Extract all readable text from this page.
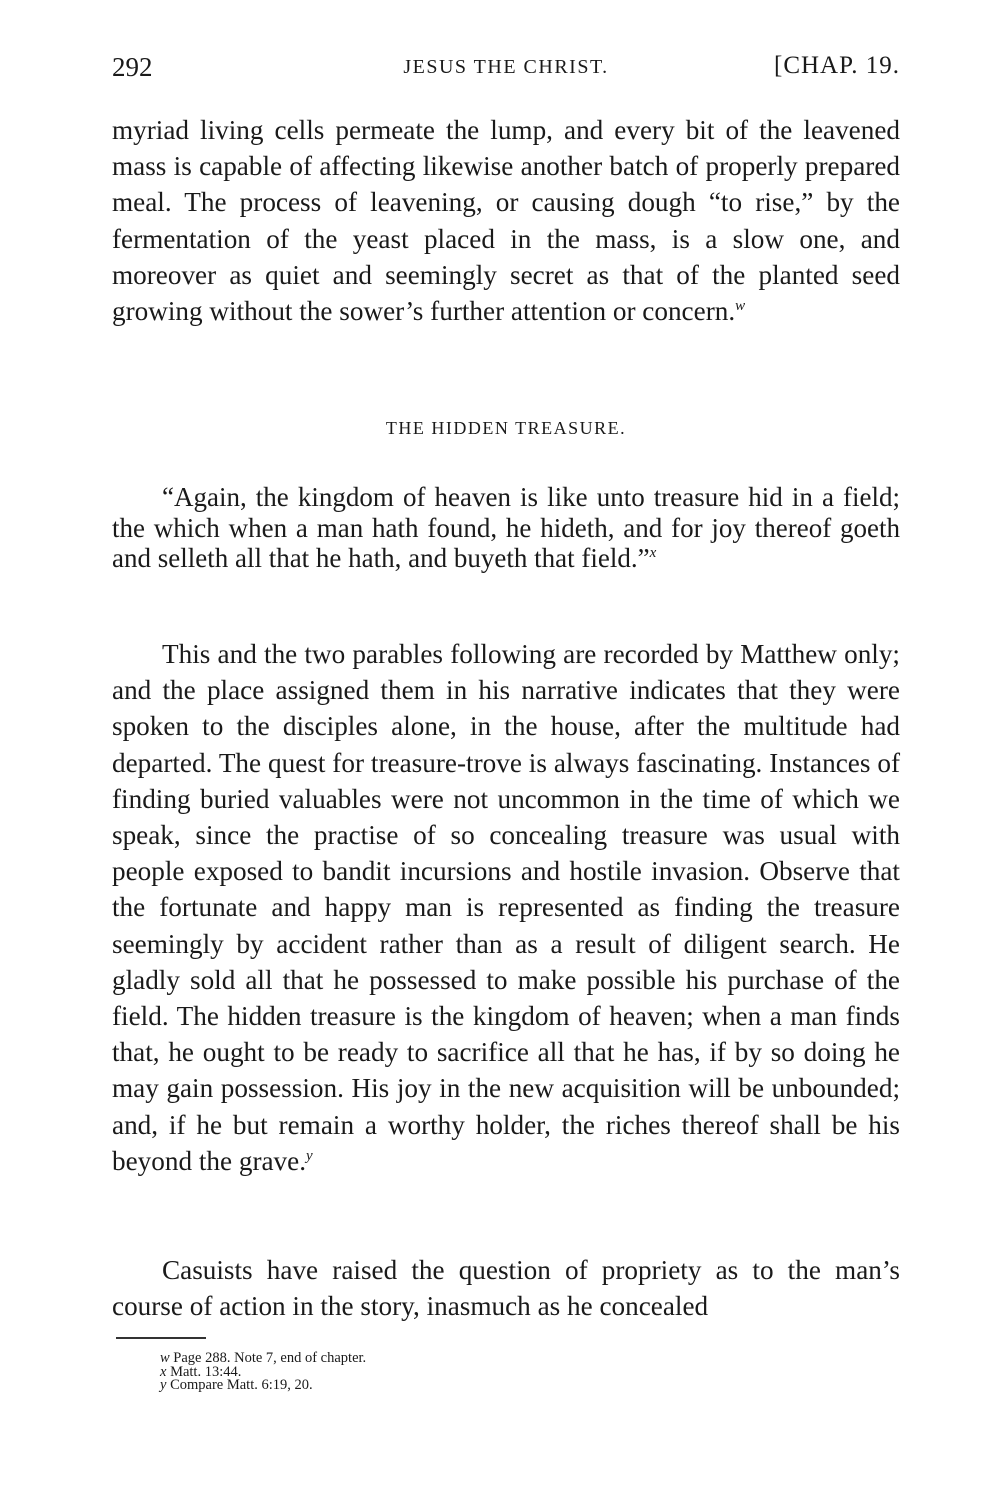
292	JESUS THE CHRIST.	[CHAP. 19.

myriad living cells permeate the lump, and every bit of the leavened mass is capable of affecting likewise another batch of properly prepared meal. The process of leavening, or causing dough “to rise,” by the fermentation of the yeast placed in the mass, is a slow one, and moreover as quiet and seemingly secret as that of the planted seed growing without the sower’s further attention or concern.$^w$

THE HIDDEN TREASURE.
“Again, the kingdom of heaven is like unto treasure hid in a field; the which when a man hath found, he hideth, and for joy thereof goeth and selleth all that he hath, and buyeth that field.”$^x$

This and the two parables following are recorded by Matthew only; and the place assigned them in his narrative indicates that they were spoken to the disciples alone, in the house, after the multitude had departed. The quest for treasure-trove is always fascinating. Instances of finding buried valuables were not uncommon in the time of which we speak, since the practise of so concealing treasure was usual with people exposed to bandit incursions and hostile invasion. Observe that the fortunate and happy man is represented as finding the treasure seemingly by accident rather than as a result of diligent search. He gladly sold all that he possessed to make possible his purchase of the field. The hidden treasure is the kingdom of heaven; when a man finds that, he ought to be ready to sacrifice all that he has, if by so doing he may gain possession. His joy in the new acquisition will be unbounded; and, if he but remain a worthy holder, the riches thereof shall be his beyond the grave.$^y$

Casuists have raised the question of propriety as to the man’s course of action in the story, inasmuch as he concealed

w Page 288. Note 7, end of chapter.

x Matt. 13:44.

y Compare Matt. 6:19, 20.
